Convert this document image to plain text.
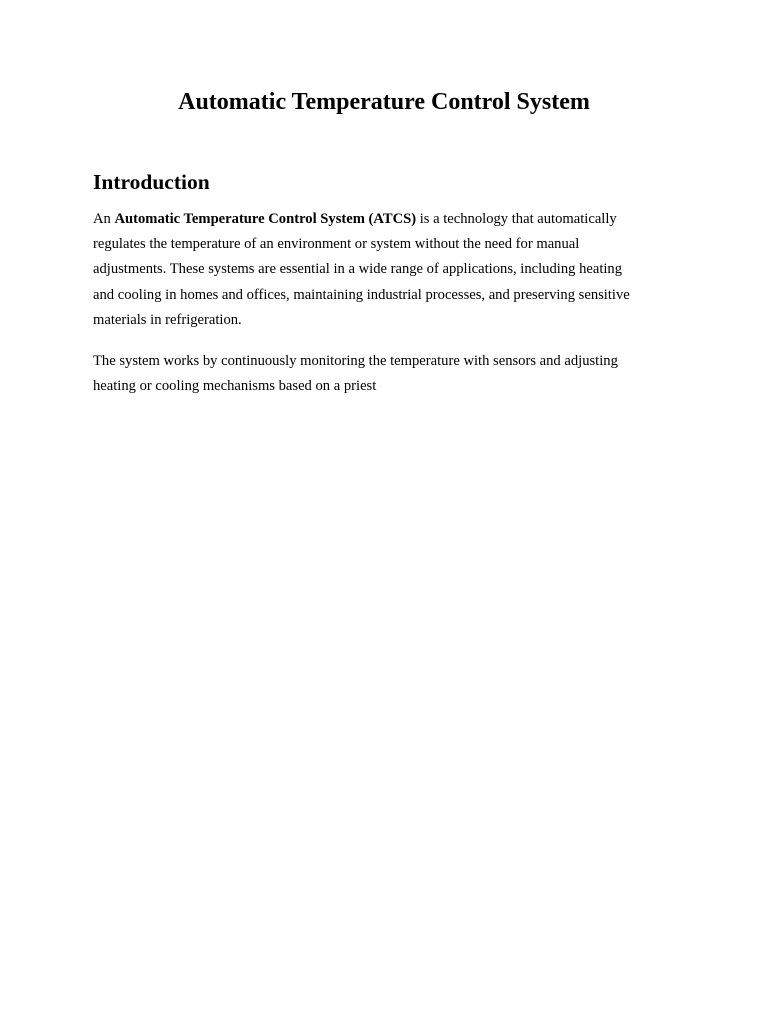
Automatic Temperature Control System
Introduction

An Automatic Temperature Control System (ATCS) is a technology that automatically
regulates the temperature of an environment or system without the need for manual
adjustments. These systems are essential in a wide range of applications, including heating
and cooling in homes and offices, maintaining industrial processes, and preserving sensitive
materials in refrigeration.

The system works by continuously monitoring the temperature with sensors and adjusting
heating or cooling mechanisms based on a priest
